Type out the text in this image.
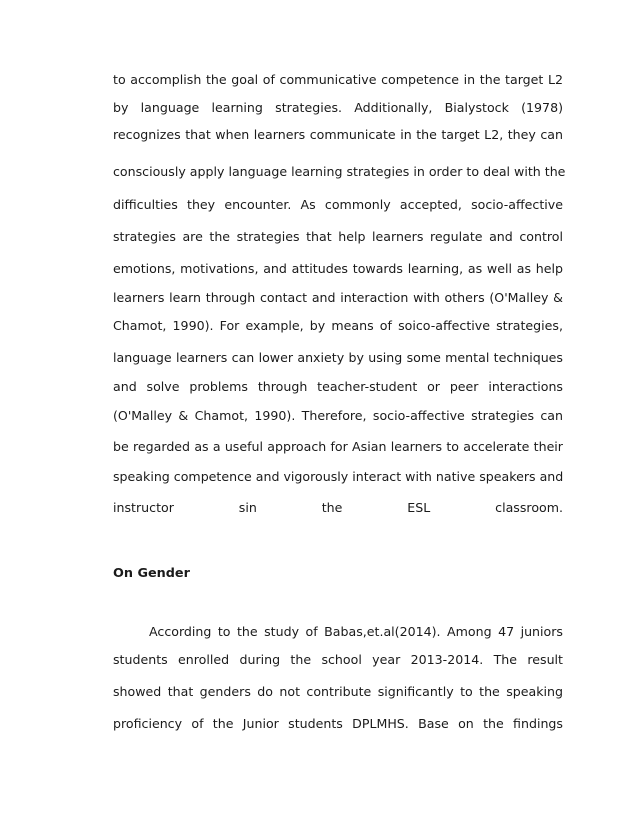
to accomplish the goal of communicative competence in the target L2
by language learning strategies. Additionally, Bialystock (1978)
recognizes that when learners communicate in the target L2, they can
consciously apply language learning strategies in order to deal with the
difficulties they encounter. As commonly accepted, socio-affective
strategies are the strategies that help learners regulate and control
emotions, motivations, and attitudes towards learning, as well as help
learners learn through contact and interaction with others (O'Malley &
Chamot, 1990). For example, by means of soico-affective strategies,
language learners can lower anxiety by using some mental techniques
and solve problems through teacher-student or peer interactions
(O'Malley & Chamot, 1990). Therefore, socio-affective strategies can
be regarded as a useful approach for Asian learners to accelerate their
speaking competence and vigorously interact with native speakers and
instructor sin the ESL classroom.
On Gender
According to the study of Babas,et.al(2014). Among 47 juniors
students enrolled during the school year 2013-2014. The result
showed that genders do not contribute significantly to the speaking
proficiency of the Junior students DPLMHS. Base on the findings
